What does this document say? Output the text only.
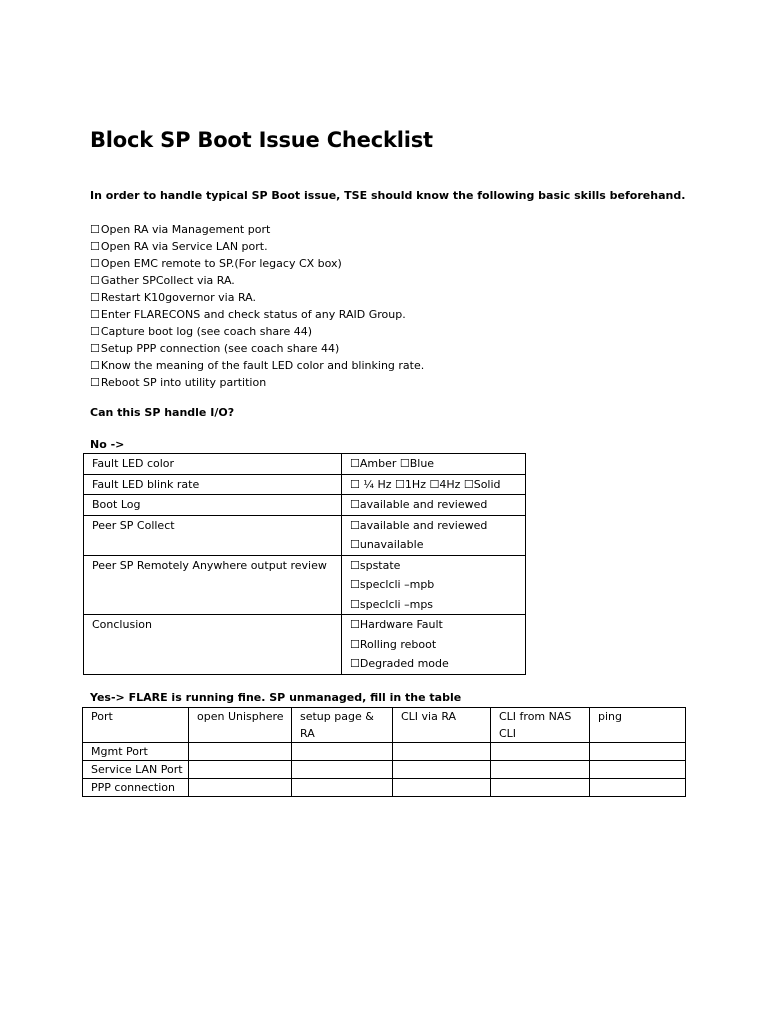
Block SP Boot Issue Checklist
In order to handle typical SP Boot issue, TSE should know the following basic skills beforehand.
☐Open RA via Management port
☐Open RA via Service LAN port.
☐Open EMC remote to SP.(For legacy CX box)
☐Gather SPCollect via RA.
☐Restart K10governor via RA.
☐Enter FLARECONS and check status of any RAID Group.
☐Capture boot log (see coach share 44)
☐Setup PPP connection (see coach share 44)
☐Know the meaning of the fault LED color and blinking rate.
☐Reboot SP into utility partition
Can this SP handle I/O?
No ->
Fault LED color	☐Amber ☐Blue

Fault LED blink rate	☐ ¼ Hz ☐1Hz ☐4Hz ☐Solid

Boot Log	☐available and reviewed

Peer SP Collect	☐available and reviewed
☐unavailable

Peer SP Remotely Anywhere output review	☐spstate
☐speclcli –mpb
☐speclcli –mps

Conclusion	☐Hardware Fault
☐Rolling reboot
☐Degraded mode
Yes-> FLARE is running fine. SP unmanaged, fill in the table
Port	open Unisphere	setup page & RA	CLI via RA	CLI from NAS CLI	ping
Mgmt Port					
Service LAN Port					
PPP connection					
